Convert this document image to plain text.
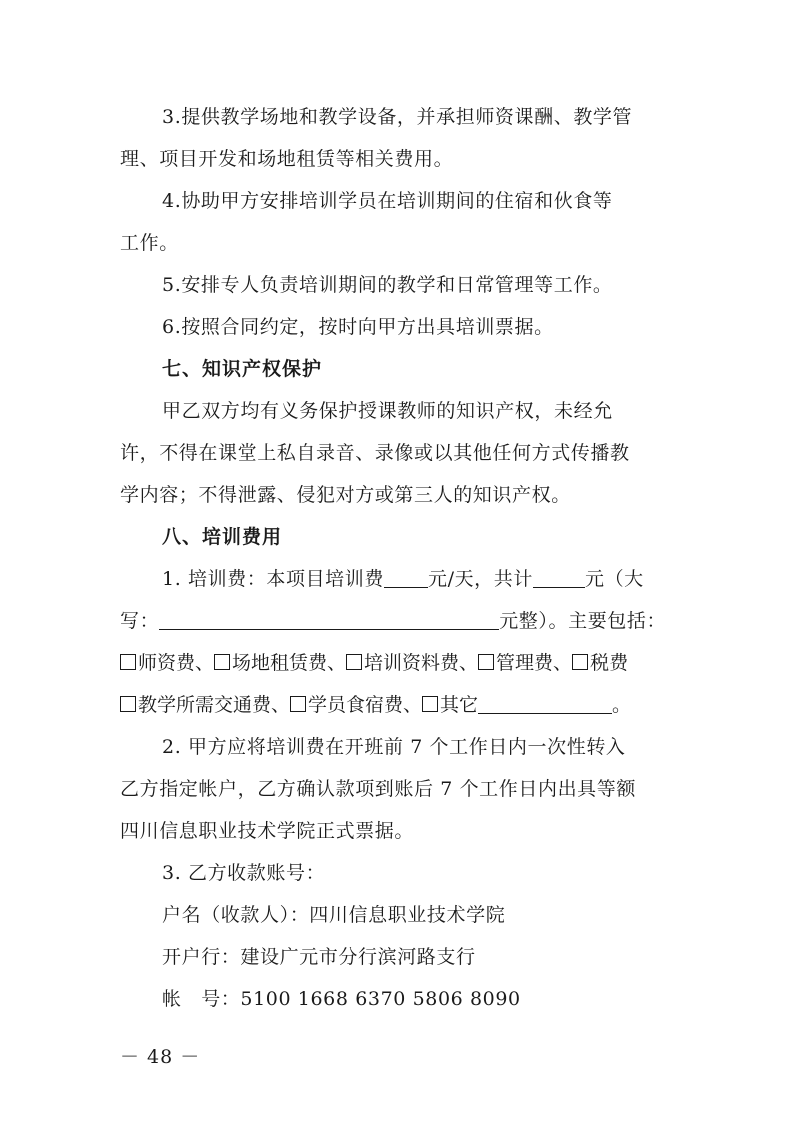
3.提供教学场地和教学设备，并承担师资课酬、教学管
理、项目开发和场地租赁等相关费用。
4.协助甲方安排培训学员在培训期间的住宿和伙食等
工作。
5.安排专人负责培训期间的教学和日常管理等工作。
6.按照合同约定，按时向甲方出具培训票据。
七、知识产权保护
甲乙双方均有义务保护授课教师的知识产权，未经允
许，不得在课堂上私自录音、录像或以其他任何方式传播教
学内容；不得泄露、侵犯对方或第三人的知识产权。
八、培训费用
1. 培训费：本项目培训费 元/天，共计	元（大
写：	元整）。主要包括：
师资费、 场地租赁费、 培训资料费、 管理费、 税费
教学所需交通费、 学员食宿费、 其它	。
2. 甲方应将培训费在开班前 7 个工作日内一次性转入
乙方指定帐户，乙方确认款项到账后 7 个工作日内出具等额
四川信息职业技术学院正式票据。
3. 乙方收款账号：
户名（收款人）：四川信息职业技术学院
开户行：建设广元市分行滨河路支行
帐　号：5100 1668 6370 5806 8090
－ 48 －
